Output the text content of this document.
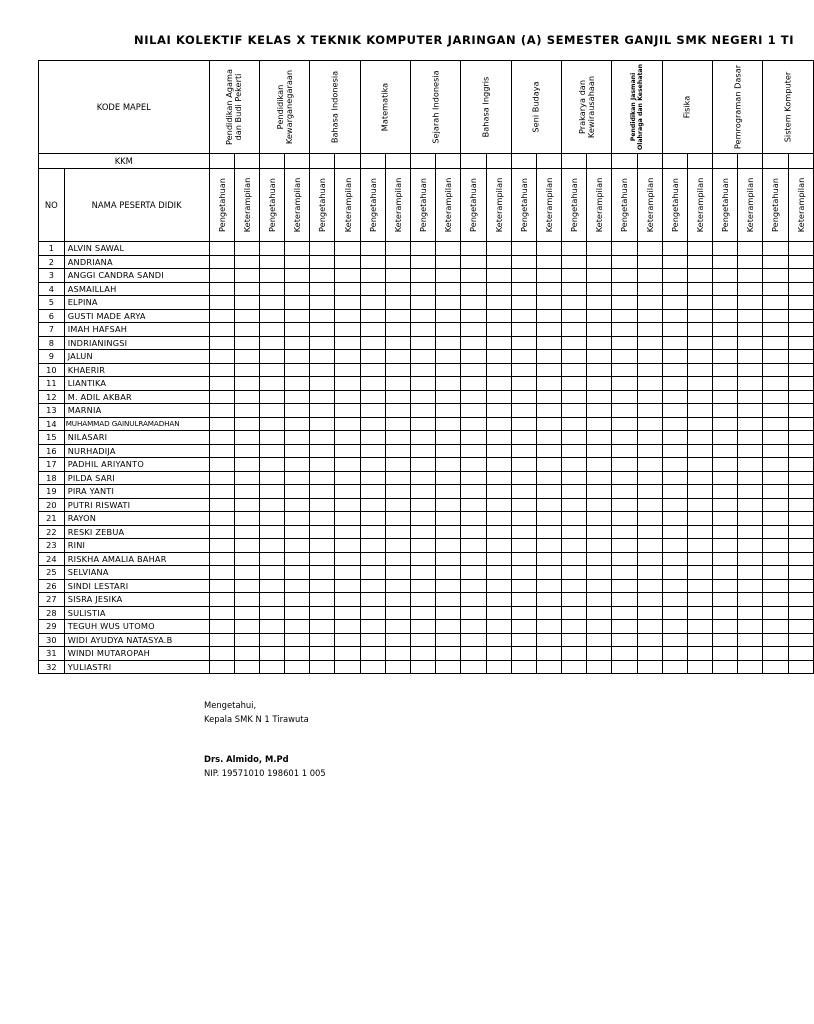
NILAI KOLEKTIF KELAS X TEKNIK KOMPUTER JARINGAN (A) SEMESTER GANJIL SMK NEGERI 1 TI
KODE MAPEL		Pendidikan Agama dan Budi Pekerti		Pendidikan Kewarganegaraan		Bahasa Indonesia		Matematika		Sejarah Indonesia		Bahasa Inggris		Seni Budaya		Prakarya dan Kewirausahaan		Pendidikan Jasmani Olahraga dan Kesehatan		Fisika		Pemrograman Dasar		Sistem Komputer	

KKM																									
NO	NAMA PESERTA DIDIK	Pengetahuan	Keterampilan	Pengetahuan	Keterampilan	Pengetahuan	Keterampilan	Pengetahuan	Keterampilan	Pengetahuan	Keterampilan	Pengetahuan	Keterampilan	Pengetahuan	Keterampilan	Pengetahuan	Keterampilan	Pengetahuan	Keterampilan	Pengetahuan	Keterampilan	Pengetahuan	Keterampilan	Pengetahuan	Keterampilan

1	ALVIN SAWAL																								
2	ANDRIANA																								
3	ANGGI CANDRA SANDI																								
4	ASMAILLAH																								
5	ELPINA																								
6	GUSTI MADE ARYA																								
7	IMAH HAFSAH																								
8	INDRIANINGSI																								
9	JALUN																								
10	KHAERIR																								
11	LIANTIKA																								
12	M. ADIL AKBAR																								
13	MARNIA																								
14	MUHAMMAD GAINULRAMADHAN																								
15	NILASARI																								
16	NURHADIJA																								
17	PADHIL ARIYANTO																								
18	PILDA SARI																								
19	PIRA YANTI																								
20	PUTRI RISWATI																								
21	RAYON																								
22	RESKI ZEBUA																								
23	RINI																								
24	RISKHA AMALIA BAHAR																								
25	SELVIANA																								
26	SINDI LESTARI																								
27	SISRA JESIKA																								
28	SULISTIA																								
29	TEGUH WUS UTOMO																								
30	WIDI AYUDYA NATASYA.B																								
31	WINDI MUTAROPAH																								
32	YULIASTRI																								
Mengetahui,
Kepala SMK N 1 Tirawuta
Drs. Almido, M.Pd
NIP. 19571010 198601 1 005
